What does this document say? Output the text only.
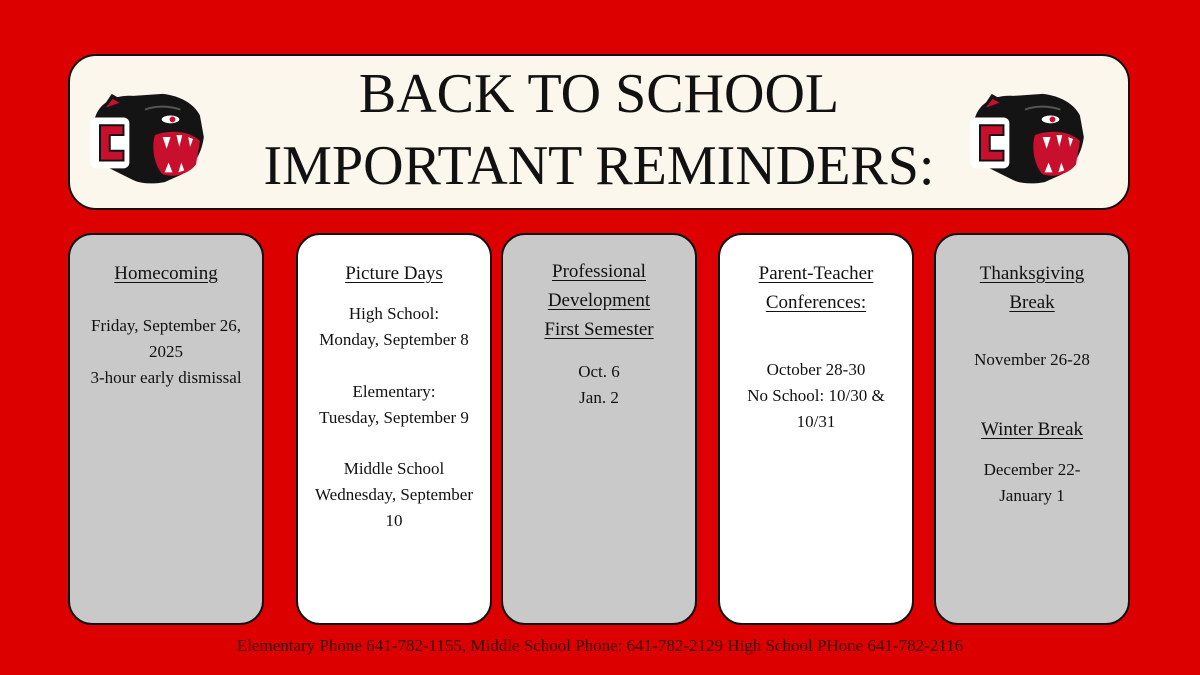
BACK TO SCHOOL
IMPORTANT REMINDERS:
Homecoming
Friday, September 26,
2025
3-hour early dismissal
Picture Days
High School:
Monday, September 8
Elementary:
Tuesday, September 9
Middle School
Wednesday, September
10
Professional
Development
First Semester
Oct. 6
Jan. 2
Parent-Teacher
Conferences:
October 28-30
No School: 10/30 &
10/31
Thanksgiving
Break
November 26-28
Winter Break
December 22-
January 1
Elementary Phone 641-782-1155, Middle School Phone: 641-782-2129 High School PHone 641-782-2116
